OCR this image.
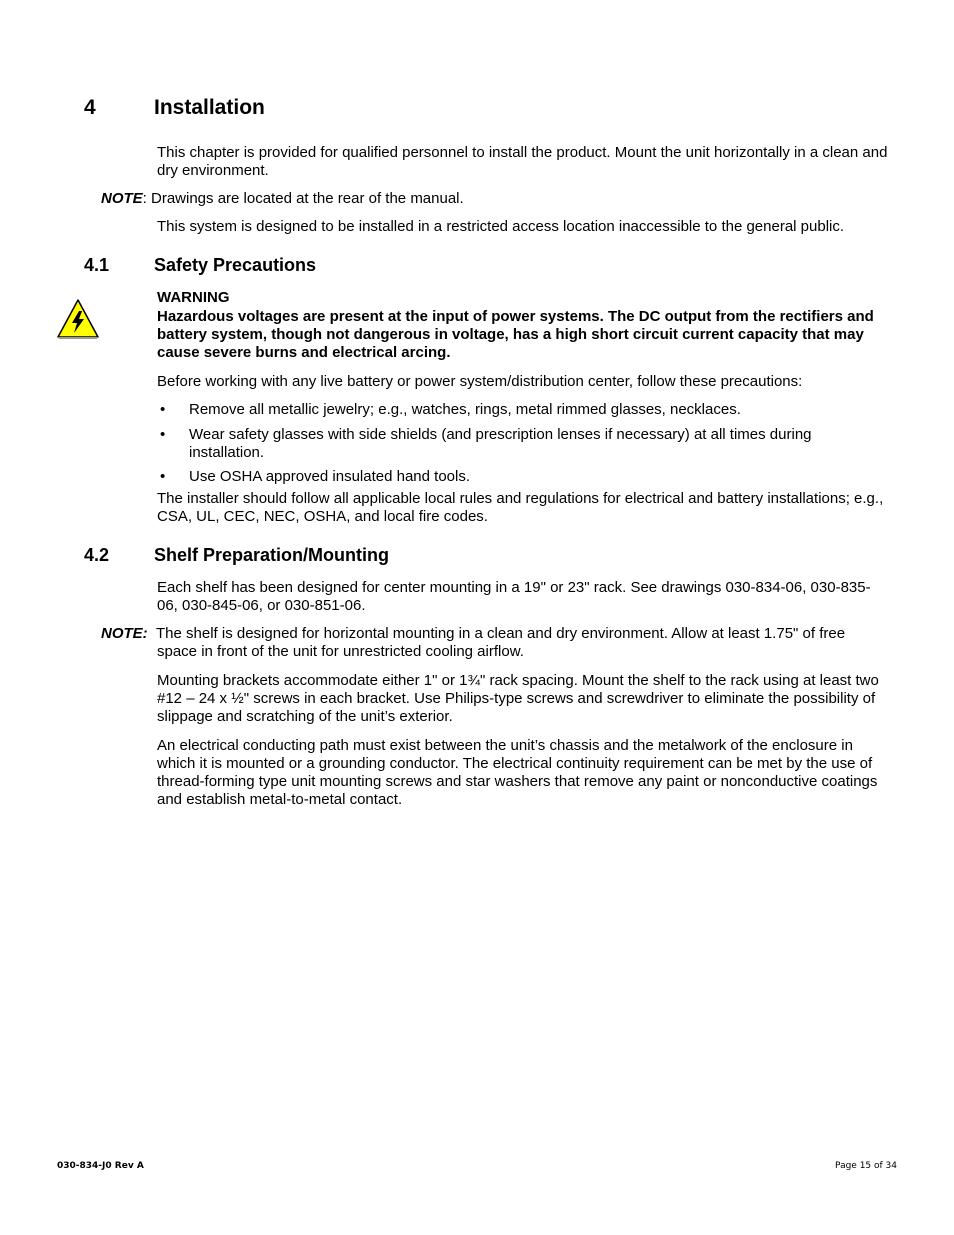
4	Installation
This chapter is provided for qualified personnel to install the product. Mount the unit horizontally in a clean and dry environment.
NOTE: Drawings are located at the rear of the manual.
This system is designed to be installed in a restricted access location inaccessible to the general public.
4.1 Safety Precautions
WARNING
Hazardous voltages are present at the input of power systems. The DC output from the rectifiers and battery system, though not dangerous in voltage, has a high short circuit current capacity that may cause severe burns and electrical arcing.
Before working with any live battery or power system/distribution center, follow these precautions:
• Remove all metallic jewelry; e.g., watches, rings, metal rimmed glasses, necklaces.
• Wear safety glasses with side shields (and prescription lenses if necessary) at all times during installation.
• Use OSHA approved insulated hand tools.
The installer should follow all applicable local rules and regulations for electrical and battery installations; e.g., CSA, UL, CEC, NEC, OSHA, and local fire codes.
4.2 Shelf Preparation/Mounting
Each shelf has been designed for center mounting in a 19" or 23" rack. See drawings 030-834-06, 030-835-06, 030-845-06, or 030-851-06.
NOTE: The shelf is designed for horizontal mounting in a clean and dry environment. Allow at least 1.75" of free space in front of the unit for unrestricted cooling airflow.
Mounting brackets accommodate either 1" or 1¾" rack spacing. Mount the shelf to the rack using at least two #12 – 24 x ½" screws in each bracket. Use Philips-type screws and screwdriver to eliminate the possibility of slippage and scratching of the unit’s exterior.
An electrical conducting path must exist between the unit’s chassis and the metalwork of the enclosure in which it is mounted or a grounding conductor. The electrical continuity requirement can be met by the use of thread-forming type unit mounting screws and star washers that remove any paint or nonconductive coatings and establish metal-to-metal contact.
030-834-J0 Rev A	Page 15 of 34
